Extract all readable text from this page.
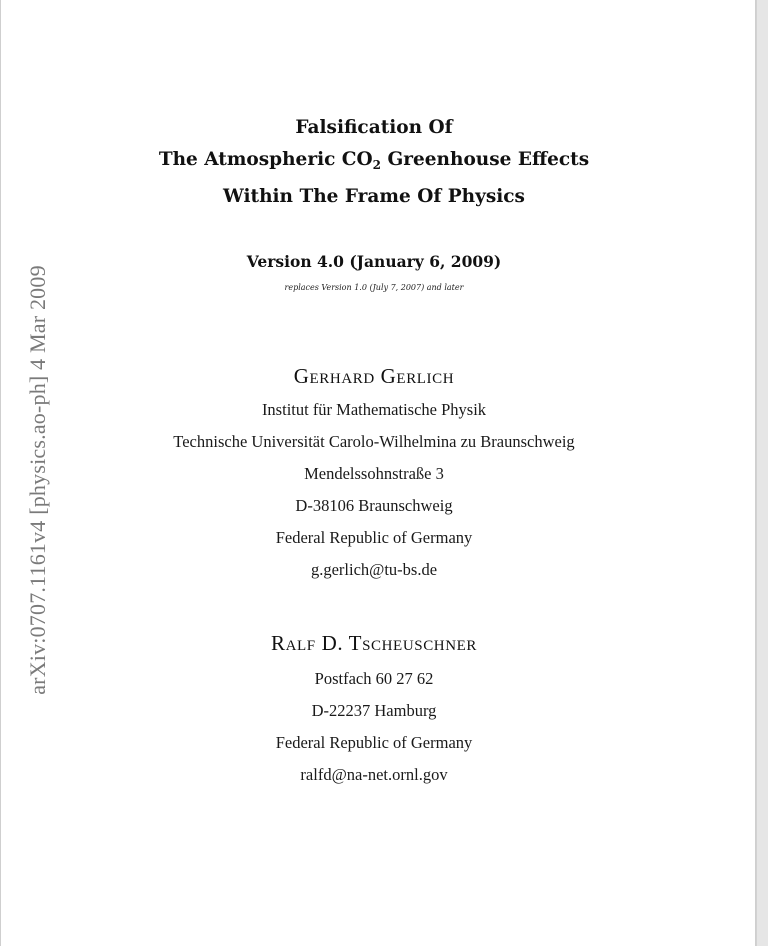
arXiv:0707.1161v4 [physics.ao-ph] 4 Mar 2009
Falsification Of
The Atmospheric $CO_2$ Greenhouse Effects
Within The Frame Of Physics
Version 4.0 (January 6, 2009)
replaces Version 1.0 (July 7, 2007) and later
Gerhard Gerlich
Institut für Mathematische Physik
Technische Universität Carolo-Wilhelmina zu Braunschweig
Mendelssohnstraße 3
D-38106 Braunschweig
Federal Republic of Germany
g.gerlich@tu-bs.de
Ralf D. Tscheuschner
Postfach 60 27 62
D-22237 Hamburg
Federal Republic of Germany
ralfd@na-net.ornl.gov
